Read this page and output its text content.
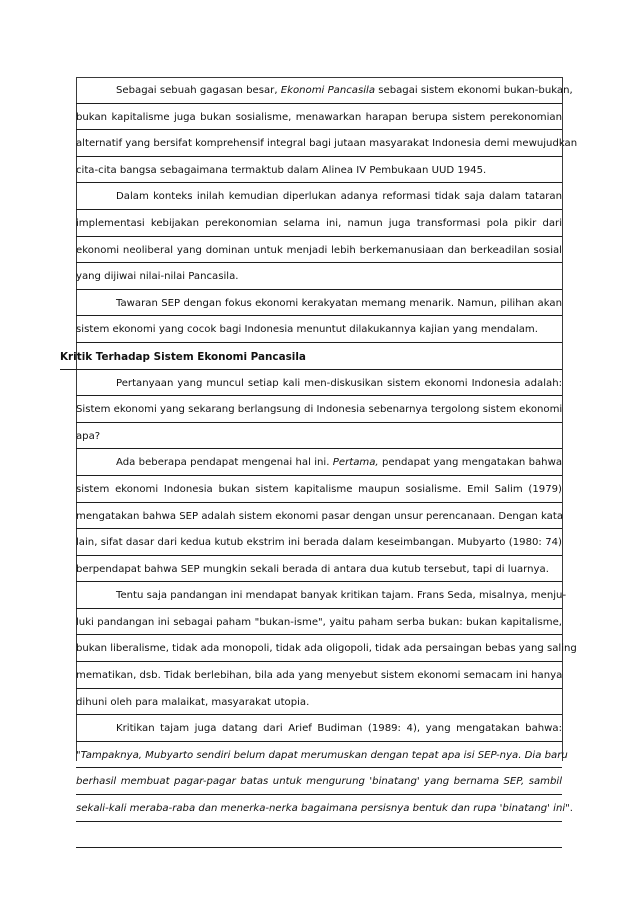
Sebagai sebuah gagasan besar, Ekonomi Pancasila sebagai sistem ekonomi bukan-bukan,
bukan kapitalisme juga bukan sosialisme, menawarkan harapan berupa sistem perekonomian
alternatif yang bersifat komprehensif integral bagi jutaan masyarakat Indonesia demi mewujudkan
cita-cita bangsa sebagaimana termaktub dalam Alinea IV Pembukaan UUD 1945.
Dalam konteks inilah kemudian diperlukan adanya reformasi tidak saja dalam tataran
implementasi kebijakan perekonomian selama ini, namun juga transformasi pola pikir dari
ekonomi neoliberal yang dominan untuk menjadi lebih berkemanusiaan dan berkeadilan sosial
yang dijiwai nilai-nilai Pancasila.
Tawaran SEP dengan fokus ekonomi kerakyatan memang menarik. Namun, pilihan akan
sistem ekonomi yang cocok bagi Indonesia menuntut dilakukannya kajian yang mendalam.
Kritik Terhadap Sistem Ekonomi Pancasila
Pertanyaan yang muncul setiap kali men-diskusikan sistem ekonomi Indonesia adalah:
Sistem ekonomi yang sekarang berlangsung di Indonesia sebenarnya tergolong sistem ekonomi
apa?
Ada beberapa pendapat mengenai hal ini. Pertama, pendapat yang mengatakan bahwa
sistem ekonomi Indonesia bukan sistem kapitalisme maupun sosialisme. Emil Salim (1979)
mengatakan bahwa SEP adalah sistem ekonomi pasar dengan unsur perencanaan. Dengan kata
lain, sifat dasar dari kedua kutub ekstrim ini berada dalam keseimbangan. Mubyarto (1980: 74)
berpendapat bahwa SEP mungkin sekali berada di antara dua kutub tersebut, tapi di luarnya.
Tentu saja pandangan ini mendapat banyak kritikan tajam. Frans Seda, misalnya, menju-
luki pandangan ini sebagai paham "bukan-isme", yaitu paham serba bukan: bukan kapitalisme,
bukan liberalisme, tidak ada monopoli, tidak ada oligopoli, tidak ada persaingan bebas yang saling
mematikan, dsb. Tidak berlebihan, bila ada yang menyebut sistem ekonomi semacam ini hanya
dihuni oleh para malaikat, masyarakat utopia.
Kritikan tajam juga datang dari Arief Budiman (1989: 4), yang mengatakan bahwa:
"Tampaknya, Mubyarto sendiri belum dapat merumuskan dengan tepat apa isi SEP-nya. Dia baru
berhasil membuat pagar-pagar batas untuk mengurung 'binatang' yang bernama SEP, sambil
sekali-kali meraba-raba dan menerka-nerka bagaimana persisnya bentuk dan rupa 'binatang' ini".
